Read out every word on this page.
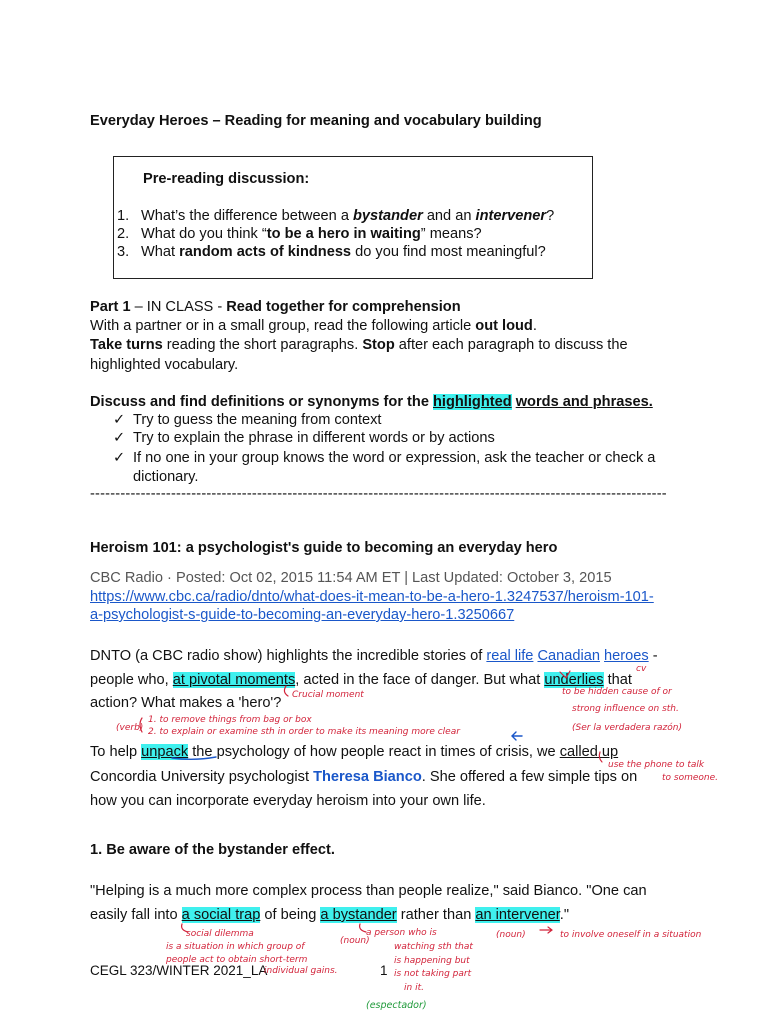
Everyday Heroes – Reading for meaning and vocabulary building
Pre-reading discussion:
1. What’s the difference between a bystander and an intervener?
2. What do you think “to be a hero in waiting” means?
3. What random acts of kindness do you find most meaningful?
Part 1 – IN CLASS - Read together for comprehension
With a partner or in a small group, read the following article out loud.
Take turns reading the short paragraphs. Stop after each paragraph to discuss the
highlighted vocabulary.
Discuss and find definitions or synonyms for the highlighted words and phrases.
✓ Try to guess the meaning from context
✓ Try to explain the phrase in different words or by actions
✓ If no one in your group knows the word or expression, ask the teacher or check a
dictionary.
------------------------------------------------------------------------------------------------------------------
Heroism 101: a psychologist's guide to becoming an everyday hero
CBC Radio · Posted: Oct 02, 2015 11:54 AM ET | Last Updated: October 3, 2015
https://www.cbc.ca/radio/dnto/what-does-it-mean-to-be-a-hero-1.3247537/heroism-101-
a-psychologist-s-guide-to-becoming-an-everyday-hero-1.3250667
DNTO (a CBC radio show) highlights the incredible stories of real life Canadian heroes -
people who, at pivotal moments, acted in the face of danger. But what underlies that
action? What makes a 'hero'?
To help unpack the psychology of how people react in times of crisis, we called up
Concordia University psychologist Theresa Bianco. She offered a few simple tips on
how you can incorporate everyday heroism into your own life.
1. Be aware of the bystander effect.
"Helping is a much more complex process than people realize," said Bianco. "One can
easily fall into a social trap of being a bystander rather than an intervener."
CEGL 323/WINTER 2021_LA	1
Crucial moment
cv
to be hidden cause of or
strong influence on sth.
(Ser la verdadera razón)
(verb)
1. to remove things from bag or box
2. to explain or examine sth in order to make its meaning more clear
use the phone to talk
to someone.
social dilemma
is a situation in which group of
people act to obtain short-term
individual gains.
(noun)
a person who is
watching sth that
is happening but
is not taking part
in it.
(espectador)
(noun)	to involve oneself in a situation
